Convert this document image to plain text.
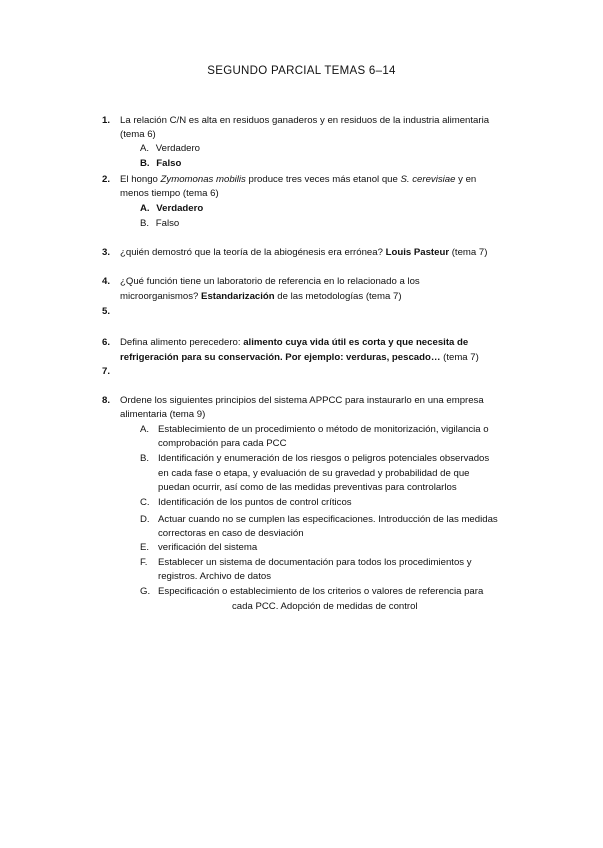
SEGUNDO PARCIAL TEMAS 6–14
1. La relación C/N es alta en residuos ganaderos y en residuos de la industria alimentaria
(tema 6)
A. Verdadero
B. Falso
2. El hongo Zymomonas mobilis produce tres veces más etanol que S. cerevisiae y en
menos tiempo (tema 6)
A. Verdadero
B. Falso
3. ¿quién demostró que la teoría de la abiogénesis era errónea? Louis Pasteur (tema 7)
4. ¿Qué función tiene un laboratorio de referencia en lo relacionado a los
microorganismos? Estandarización de las metodologías (tema 7)
5.
6. Defina alimento perecedero: alimento cuya vida útil es corta y que necesita de
refrigeración para su conservación. Por ejemplo: verduras, pescado… (tema 7)
7.
8. Ordene los siguientes principios del sistema APPCC para instaurarlo en una empresa
alimentaria (tema 9)
A. Establecimiento de un procedimiento o método de monitorización, vigilancia o
comprobación para cada PCC
B. Identificación y enumeración de los riesgos o peligros potenciales observados
en cada fase o etapa, y evaluación de su gravedad y probabilidad de que
puedan ocurrir, así como de las medidas preventivas para controlarlos
C. Identificación de los puntos de control críticos
D. Actuar cuando no se cumplen las especificaciones. Introducción de las medidas
correctoras en caso de desviación
E. verificación del sistema
F. Establecer un sistema de documentación para todos los procedimientos y
registros. Archivo de datos
G. Especificación o establecimiento de los criterios o valores de referencia para
cada PCC. Adopción de medidas de control
